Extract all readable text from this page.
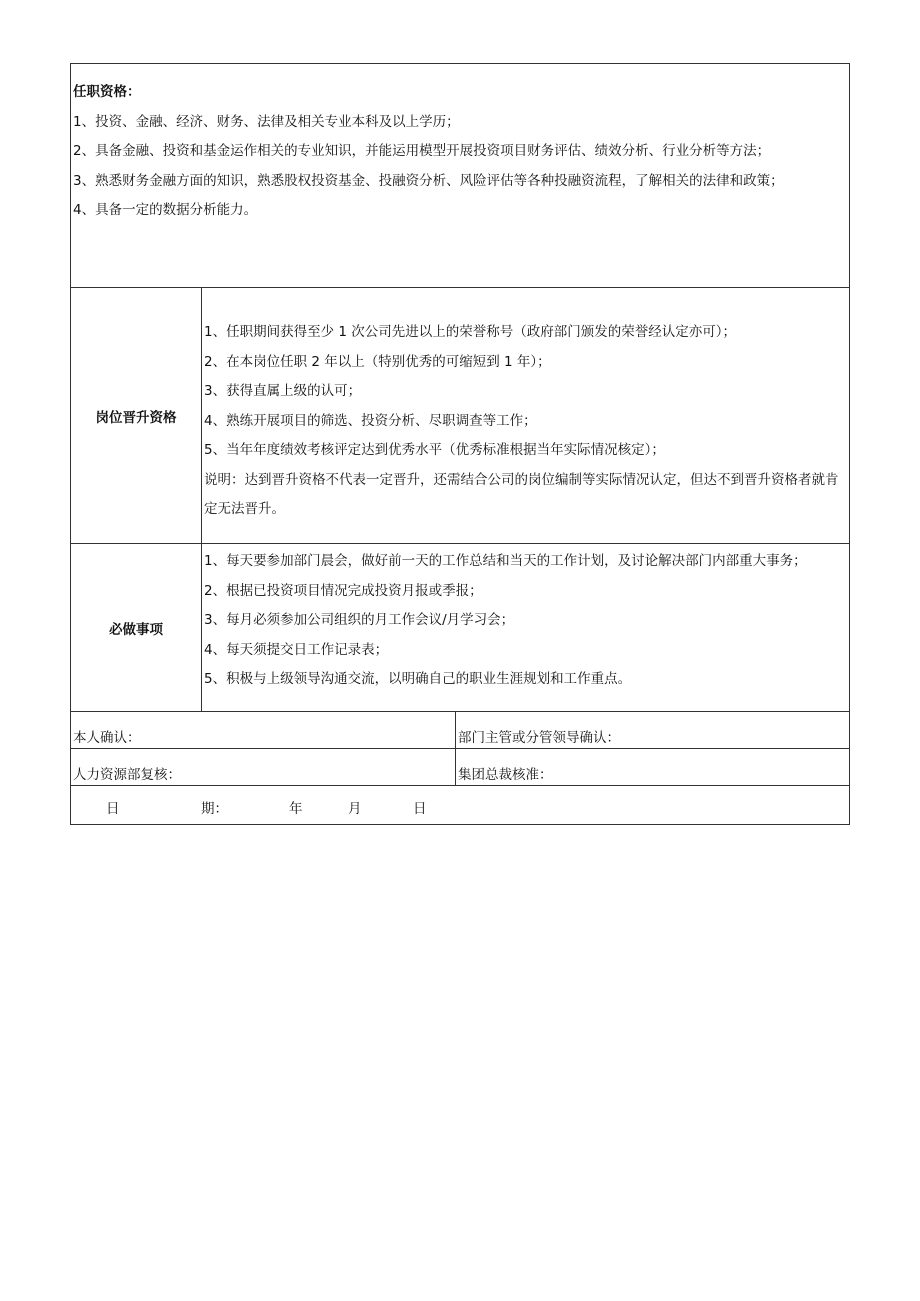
任职资格：

1、投资、金融、经济、财务、法律及相关专业本科及以上学历；

2、具备金融、投资和基金运作相关的专业知识，并能运用模型开展投资项目财务评估、绩效分析、行业分析等方法；

3、熟悉财务金融方面的知识，熟悉股权投资基金、投融资分析、风险评估等各种投融资流程，了解相关的法律和政策；

4、具备一定的数据分析能力。

岗位晋升资格

1、任职期间获得至少 1 次公司先进以上的荣誉称号（政府部门颁发的荣誉经认定亦可）；

2、在本岗位任职 2 年以上（特别优秀的可缩短到 1 年）；

3、获得直属上级的认可；

4、熟练开展项目的筛选、投资分析、尽职调查等工作；

5、当年年度绩效考核评定达到优秀水平（优秀标准根据当年实际情况核定）；

说明：达到晋升资格不代表一定晋升，还需结合公司的岗位编制等实际情况认定，但达不到晋升资格者就肯定无法晋升。

必做事项

1、每天要参加部门晨会，做好前一天的工作总结和当天的工作计划，及讨论解决部门内部重大事务；

2、根据已投资项目情况完成投资月报或季报；

3、每月必须参加公司组织的月工作会议/月学习会；

4、每天须提交日工作记录表；

5、积极与上级领导沟通交流，以明确自己的职业生涯规划和工作重点。

本人确认：	部门主管或分管领导确认：
人力资源部复核：	集团总裁核准：
日	期：	年	月	日
